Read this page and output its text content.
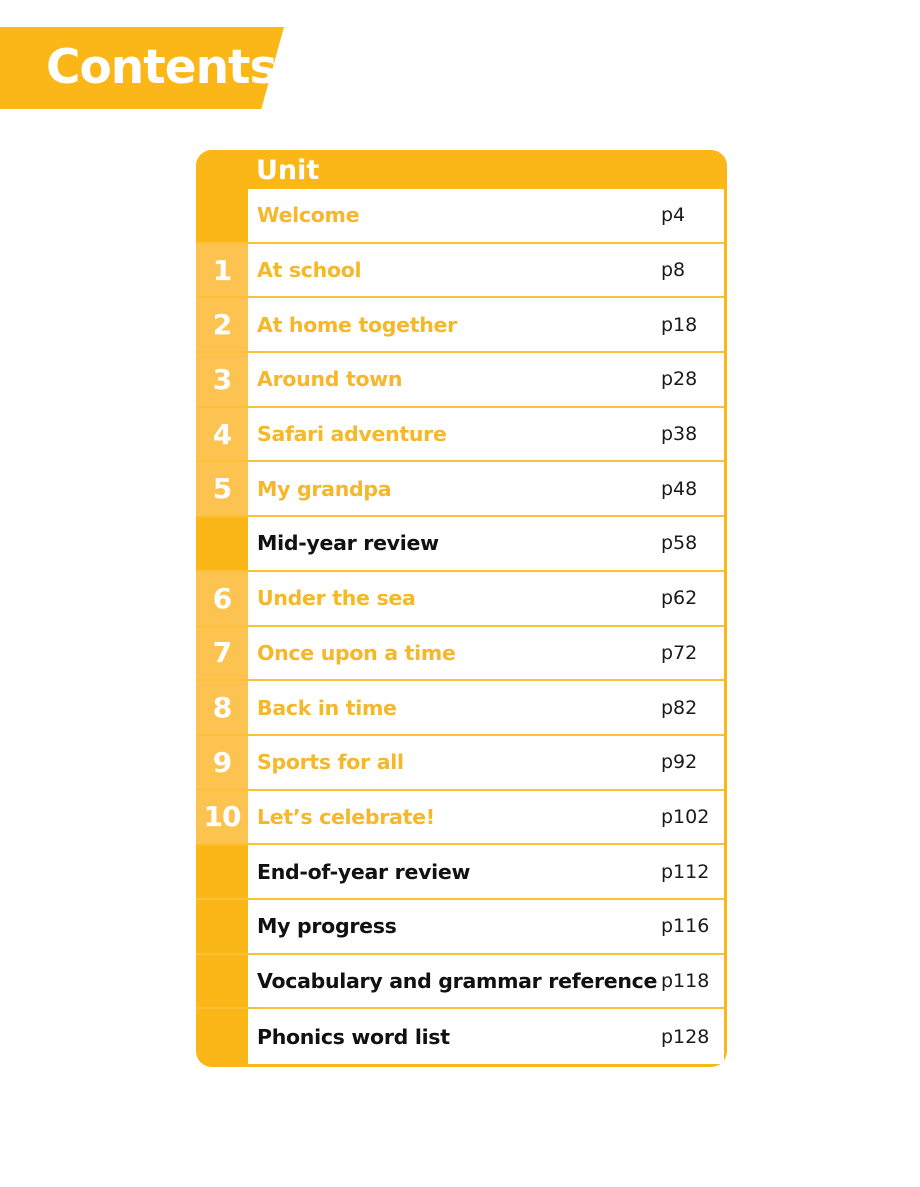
Contents
Unit
Welcome	p4
1	At school	p8
2	At home together	p18
3	Around town	p28
4	Safari adventure	p38
5	My grandpa	p48
Mid-year review	p58
6	Under the sea	p62
7	Once upon a time	p72
8	Back in time	p82
9	Sports for all	p92
10 Let’s celebrate!	p102
End-of-year review	p112
My progress	p116
Vocabulary and grammar reference p118
Phonics word list	p128
